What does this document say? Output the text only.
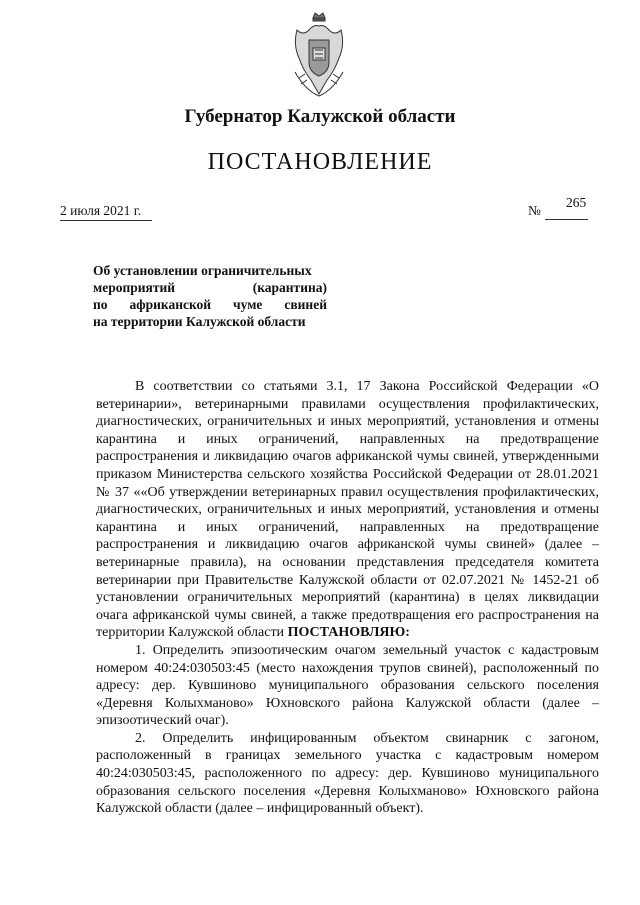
Губернатор Калужской области
ПОСТАНОВЛЕНИЕ
2 июля 2021 г.	№
265
Об установлении ограничительных
мероприятий (карантина)
по африканской чуме свиней
на территории Калужской области

В соответствии со статьями 3.1, 17 Закона Российской Федерации «О ветеринарии», ветеринарными правилами осуществления профилактических, диагностических, ограничительных и иных мероприятий, установления и отмены карантина и иных ограничений, направленных на предотвращение распространения и ликвидацию очагов африканской чумы свиней, утвержденными приказом Министерства сельского хозяйства Российской Федерации от 28.01.2021 № 37 ««Об утверждении ветеринарных правил осуществления профилактических, диагностических, ограничительных и иных мероприятий, установления и отмены карантина и иных ограничений, направленных на предотвращение распространения и ликвидацию очагов африканской чумы свиней» (далее – ветеринарные правила), на основании представления председателя комитета ветеринарии при Правительстве Калужской области от 02.07.2021 № 1452-21 об установлении ограничительных мероприятий (карантина) в целях ликвидации очага африканской чумы свиней, а также предотвращения его распространения на территории Калужской области ПОСТАНОВЛЯЮ:

1. Определить эпизоотическим очагом земельный участок с кадастровым номером 40:24:030503:45 (место нахождения трупов свиней), расположенный по адресу: дер. Кувшиново муниципального образования сельского поселения «Деревня Колыхманово» Юхновского района Калужской области (далее – эпизоотический очаг).

2. Определить инфицированным объектом свинарник с загоном, расположенный в границах земельного участка с кадастровым номером 40:24:030503:45, расположенного по адресу: дер. Кувшиново муниципального образования сельского поселения «Деревня Колыхманово» Юхновского района Калужской области (далее – инфицированный объект).
